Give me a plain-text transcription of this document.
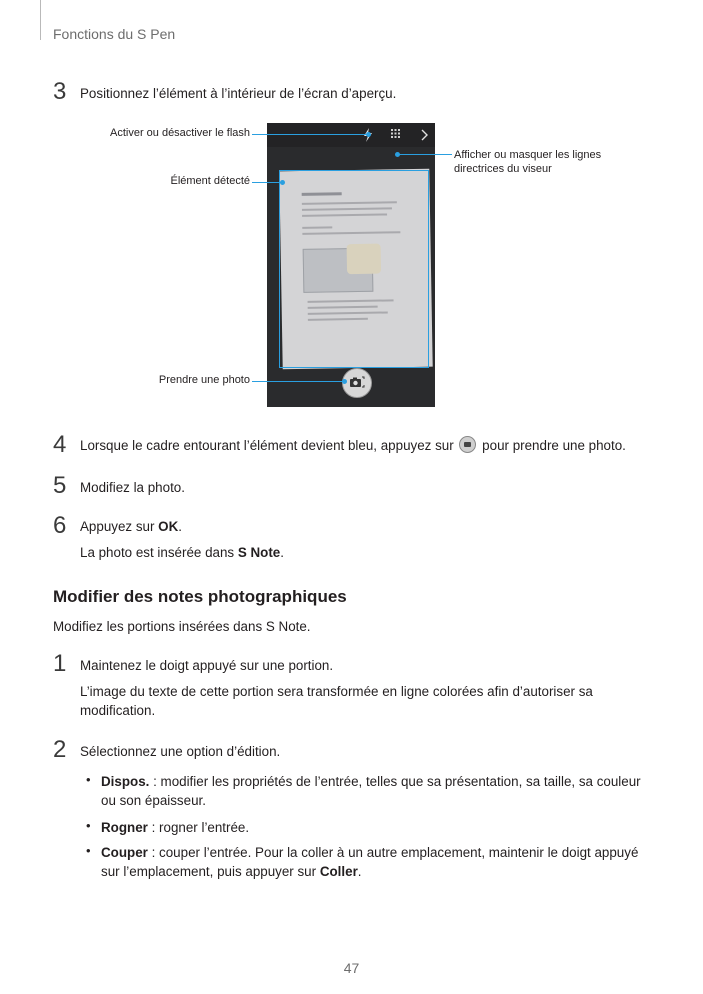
Fonctions du S Pen
3 Positionnez l’élément à l’intérieur de l’écran d’aperçu.
Activer ou désactiver le flash
Élément détecté
Prendre une photo
Afficher ou masquer les lignes
directrices du viseur
4 Lorsque le cadre entourant l’élément devient bleu, appuyez sur pour prendre une photo.
5 Modifiez la photo.
6 Appuyez sur OK.
La photo est insérée dans S Note.
Modifier des notes photographiques
Modifiez les portions insérées dans S Note.
1 Maintenez le doigt appuyé sur une portion.
L’image du texte de cette portion sera transformée en ligne colorées afin d’autoriser sa modification.
2 Sélectionnez une option d’édition.
• Dispos. : modifier les propriétés de l’entrée, telles que sa présentation, sa taille, sa couleur ou son épaisseur.
• Rogner : rogner l’entrée.
• Couper : couper l’entrée. Pour la coller à un autre emplacement, maintenir le doigt appuyé sur l’emplacement, puis appuyer sur Coller.
47
